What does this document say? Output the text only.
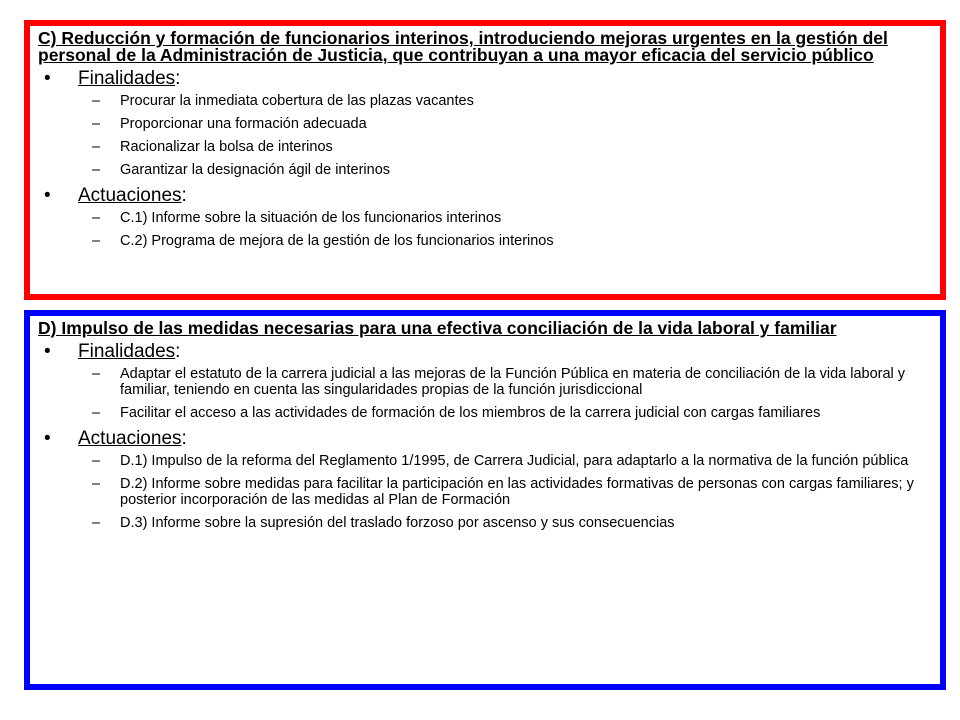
C) Reducción y formación de funcionarios interinos, introduciendo mejoras urgentes en la gestión del personal de la Administración de Justicia, que contribuyan a una mayor eficacia del servicio público
• Finalidades:
– Procurar la inmediata cobertura de las plazas vacantes
– Proporcionar una formación adecuada
– Racionalizar la bolsa de interinos
– Garantizar la designación ágil de interinos
• Actuaciones:
– C.1) Informe sobre la situación de los funcionarios interinos
– C.2) Programa de mejora de la gestión de los funcionarios interinos
D) Impulso de las medidas necesarias para una efectiva conciliación de la vida laboral y familiar
• Finalidades:
– Adaptar el estatuto de la carrera judicial a las mejoras de la Función Pública en materia de conciliación de la vida laboral y familiar, teniendo en cuenta las singularidades propias de la función jurisdiccional
– Facilitar el acceso a las actividades de formación de los miembros de la carrera judicial con cargas familiares
• Actuaciones:
– D.1) Impulso de la reforma del Reglamento 1/1995, de Carrera Judicial, para adaptarlo a la normativa de la función pública
– D.2) Informe sobre medidas para facilitar la participación en las actividades formativas de personas con cargas familiares; y posterior incorporación de las medidas al Plan de Formación
– D.3) Informe sobre la supresión del traslado forzoso por ascenso y sus consecuencias
